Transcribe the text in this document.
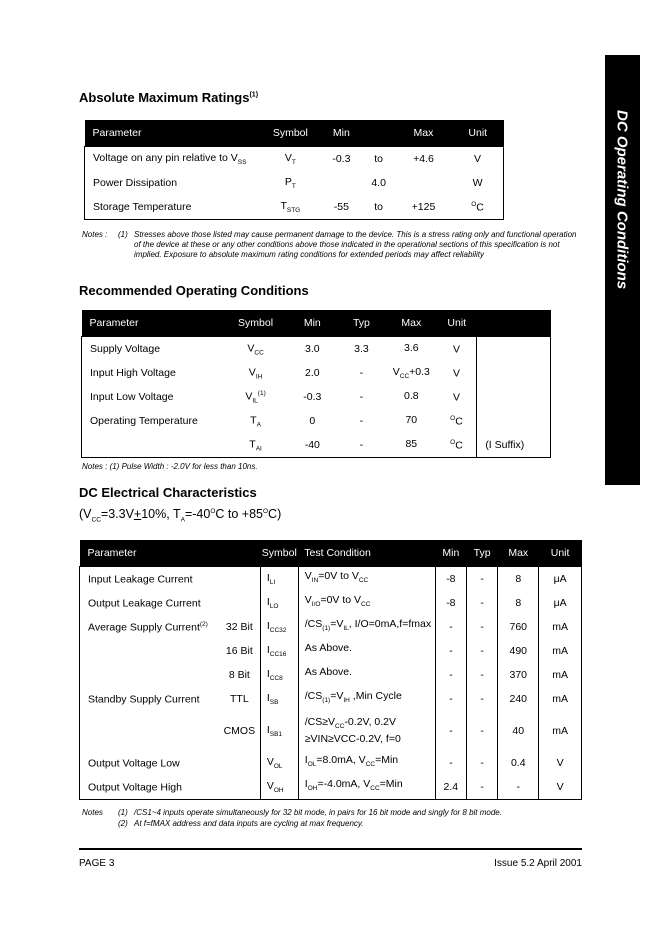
DC Operating Conditions
Absolute Maximum Ratings$^{(1)}$
Parameter	Symbol	Min		Max	Unit
Voltage on any pin relative to $V_{SS}$	$V_T$	-0.3	to	+4.6	V
Power Dissipation	$P_T$		4.0		W
Storage Temperature	$T_{STG}$	-55	to	+125	$^O$C
Notes : (1) Stresses above those listed may cause permanent damage to the device. This is a stress rating only and functional operation of the device at these or any other conditions above those indicated in the operational sections of this specification is not implied. Exposure to absolute maximum rating conditions for extended periods may affect reliability
Recommended Operating Conditions
Parameter	Symbol	Min	Typ	Max	Unit	
Supply Voltage	$V_{CC}$	3.0	3.3	3.6	V	
Input High Voltage	$V_{IH}$	2.0	-	$V_{CC}+0.3$	V	
Input Low Voltage	$V_{IL}^{(1)}$	-0.3	-	0.8	V	
Operating Temperature	$T_A$	0	-	70	$^O$C	
	$T_{AI}$	-40	-	85	$^O$C	(I Suffix)
Notes : (1) Pulse Width : -2.0V for less than 10ns.
DC Electrical Characteristics
($V_{CC}=3.3V+10\%$, $T_A=-40^OC$ to $+85^OC$)
Parameter		Symbol	Test Condition	Min	Typ	Max	Unit
Input Leakage Current		$I_{LI}$	$V_{IN}=0V$ to $V_{CC}$	-8	-	8	μA
Output Leakage Current		$I_{LO}$	$V_{I/O}=0V$ to $V_{CC}$	-8	-	8	μA
Average Supply Current$^{(2)}$	32 Bit	$I_{CC32}$	$/CS_{(1)}=V_{IL}$, I/O=0mA,f=fmax	-	-	760	mA
	16 Bit	$I_{CC16}$	As Above.	-	-	490	mA
	8 Bit	$I_{CC8}$	As Above.	-	-	370	mA
Standby Supply Current	TTL	$I_{SB}$	$/CS_{(1)}=V_{IH}$ ,Min Cycle	-	-	240	mA
	CMOS	$I_{SB1}$	$/CS\ge V_{CC}-0.2V$, 0.2V
≥VIN≥VCC-0.2V, f=0	-	-	40	mA
Output Voltage Low		$V_{OL}$	$I_{OL}=8.0mA$, $V_{CC}=Min$	-	-	0.4	V
Output Voltage High		$V_{OH}$	$I_{OH}=-4.0mA$, $V_{CC}=Min$	2.4	-	-	V
Notes (1) /CS1~4 inputs operate simultaneously for 32 bit mode, in pairs for 16 bit mode and singly for 8 bit mode.
(2) At f=fMAX address and data inputs are cycling at max frequency.
PAGE 3	Issue 5.2 April 2001
